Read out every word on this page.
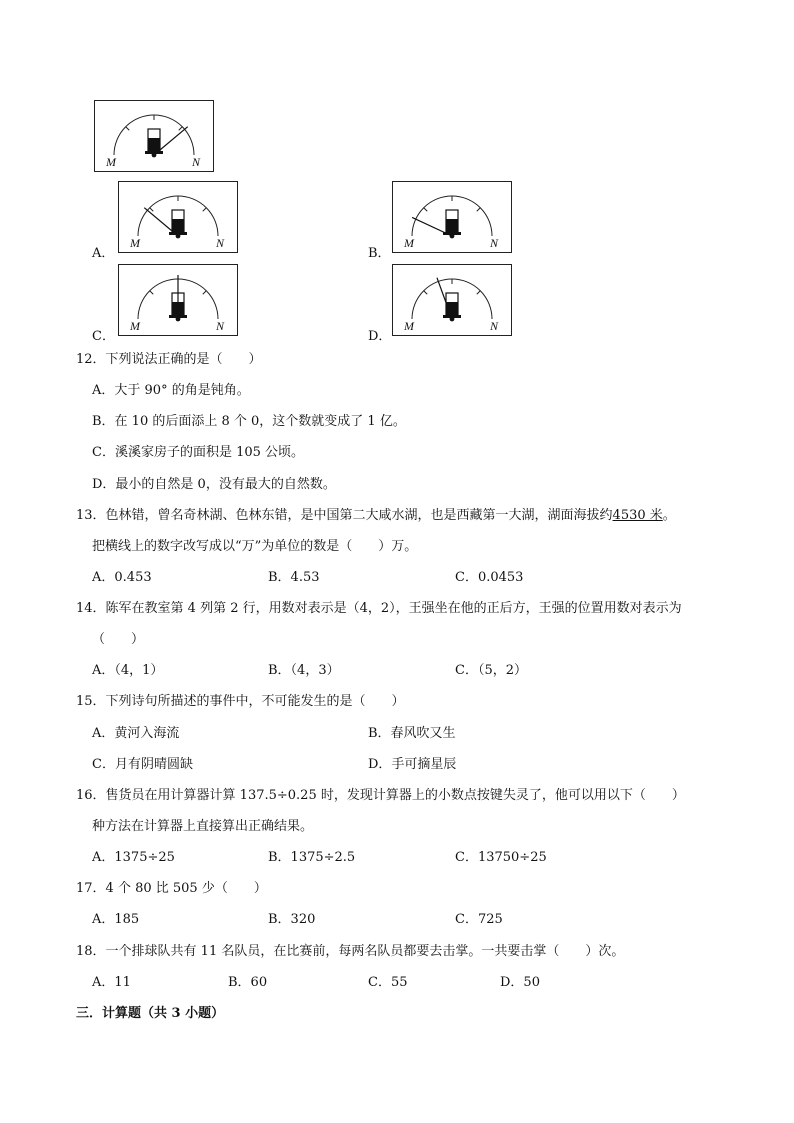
M	N
A．
M	N
B．
M	N
C．
M	N
D．
M	N
12．下列说法正确的是（　　）
A．大于 90° 的角是钝角。
B．在 10 的后面添上 8 个 0，这个数就变成了 1 亿。
C．溪溪家房子的面积是 105 公顷。
D．最小的自然是 0，没有最大的自然数。
13．色林错，曾名奇林湖、色林东错，是中国第二大咸水湖，也是西藏第一大湖，湖面海拔约4530 米。
把横线上的数字改写成以“万”为单位的数是（　　）万。
A．0.453	B．4.53	C．0.0453
14．陈军在教室第 4 列第 2 行，用数对表示是（4，2），王强坐在他的正后方，王强的位置用数对表示为
（　　）
A．（4，1）	B．（4，3）	C．（5，2）
15．下列诗句所描述的事件中，不可能发生的是（　　）
A．黄河入海流	B．春风吹又生
C．月有阴晴圆缺	D．手可摘星辰
16．售货员在用计算器计算 137.5÷0.25 时，发现计算器上的小数点按键失灵了，他可以用以下（　　）
种方法在计算器上直接算出正确结果。
A．1375÷25	B．1375÷2.5	C．13750÷25
17．4 个 80 比 505 少（　　）
A．185	B．320	C．725
18．一个排球队共有 11 名队员，在比赛前，每两名队员都要去击掌。一共要击掌（　　）次。
A．11	B．60	C．55	D．50
三．计算题（共 3 小题）
